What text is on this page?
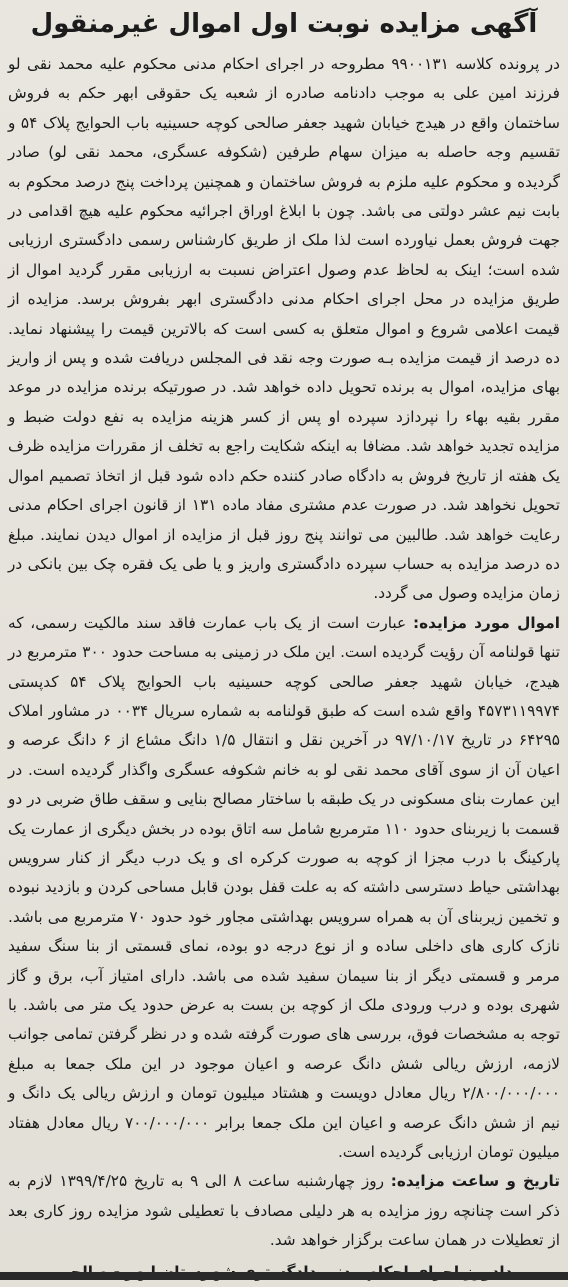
آگهی مزایده نوبت اول اموال غیرمنقول

در پرونده کلاسه ۹۹۰۰۱۳۱ مطروحه در اجرای احکام مدنی محکوم علیه محمد نقی لو فرزند امین علی به موجب دادنامه صادره از شعبه یک حقوقی ابهر حکم به فروش ساختمان واقع در هیدج خیابان شهید جعفر صالحی کوچه حسینیه باب الحوایج پلاک ۵۴ و تقسیم وجه حاصله به میزان سهام طرفین (شکوفه عسگری، محمد نقی لو) صادر گردیده و محکوم علیه ملزم به فروش ساختمان و همچنین پرداخت پنج درصد محکوم به بابت نیم عشر دولتی می باشد. چون با ابلاغ اوراق اجرائیه محکوم علیه هیچ اقدامی در جهت فروش بعمل نیاورده است لذا ملک از طریق کارشناس رسمی دادگستری ارزیابی شده است؛ اینک به لحاظ عدم وصول اعتراض نسبت به ارزیابی مقرر گردید اموال از طریق مزایده در محل اجرای احکام مدنی دادگستری ابهر بفروش برسد. مزایده از قیمت اعلامی شروع و اموال متعلق به کسی است که بالاترین قیمت را پیشنهاد نماید. ده درصد از قیمت مزایده بـه صورت وجه نقد فی المجلس دریافت شده و پس از واریز بهای مزایده، اموال به برنده تحویل داده خواهد شد. در صورتیکه برنده مزایده در موعد مقرر بقیه بهاء را نپردازد سپرده او پس از کسر هزینه مزایده به نفع دولت ضبط و مزایده تجدید خواهد شد. مضافا به اینکه شکایت راجع به تخلف از مقررات مزایده ظرف یک هفته از تاریخ فروش به دادگاه صادر کننده حکم داده شود قبل از اتخاذ تصمیم اموال تحویل نخواهد شد. در صورت عدم مشتری مفاد ماده ۱۳۱ از قانون اجرای احکام مدنی رعایت خواهد شد. طالبین می توانند پنج روز قبل از مزایده از اموال دیدن نمایند. مبلغ ده درصد مزایده به حساب سپرده دادگستری واریز و یا طی یک فقره چک بین بانکی در زمان مزایده وصول می گردد.

اموال مورد مزایده: عبارت است از یک باب عمارت فاقد سند مالکیت رسمی، که تنها قولنامه آن رؤیت گردیده است. این ملک در زمینی به مساحت حدود ۳۰۰ مترمربع در هیدج، خیابان شهید جعفر صالحی کوچه حسینیه باب الحوایج پلاک ۵۴ کدپستی ۴۵۷۳۱۱۹۹۷۴ واقع شده است که طبق قولنامه به شماره سریال ۰۰۳۴ در مشاور املاک ۶۴۲۹۵ در تاریخ ۹۷/۱۰/۱۷ در آخرین نقل و انتقال ۱/۵ دانگ مشاع از ۶ دانگ عرصه و اعیان آن از سوی آقای محمد نقی لو به خانم شکوفه عسگری واگذار گردیده است. در این عمارت بنای مسکونی در یک طبقه با ساختار مصالح بنایی و سقف طاق ضربی در دو قسمت با زیربنای حدود ۱۱۰ مترمربع شامل سه اتاق بوده در بخش دیگری از عمارت یک پارکینگ با درب مجزا از کوچه به صورت کرکره ای و یک درب دیگر از کنار سرویس بهداشتی حیاط دسترسی داشته که به علت قفل بودن قابل مساحی کردن و بازدید نبوده و تخمین زیربنای آن به همراه سرویس بهداشتی مجاور خود حدود ۷۰ مترمربع می باشد. نازک کاری های داخلی ساده و از نوع درجه دو بوده، نمای قسمتی از بنا سنگ سفید مرمر و قسمتی دیگر از بنا سیمان سفید شده می باشد. دارای امتیاز آب، برق و گاز شهری بوده و درب ورودی ملک از کوچه بن بست به عرض حدود یک متر می باشد. با توجه به مشخصات فوق، بررسی های صورت گرفته شده و در نظر گرفتن تمامی جوانب لازمه، ارزش ریالی شش دانگ عرصه و اعیان موجود در این ملک جمعا به مبلغ ۲/۸۰۰/۰۰۰/۰۰۰ ریال معادل دویست و هشتاد میلیون تومان و ارزش ریالی یک دانگ و نیم از شش دانگ عرصه و اعیان این ملک جمعا برابر ۷۰۰/۰۰۰/۰۰۰ ریال معادل هفتاد میلیون تومان ارزیابی گردیده است.

تاریخ و ساعت مزایده: روز چهارشنبه ساعت ۸ الی ۹ به تاریخ ۱۳۹۹/۴/۲۵ لازم به ذکر است چنانچه روز مزایده به هر دلیلی مصادف با تعطیلی شود مزایده روز کاری بعد از تعطیلات در همان ساعت برگزار خواهد شد.
